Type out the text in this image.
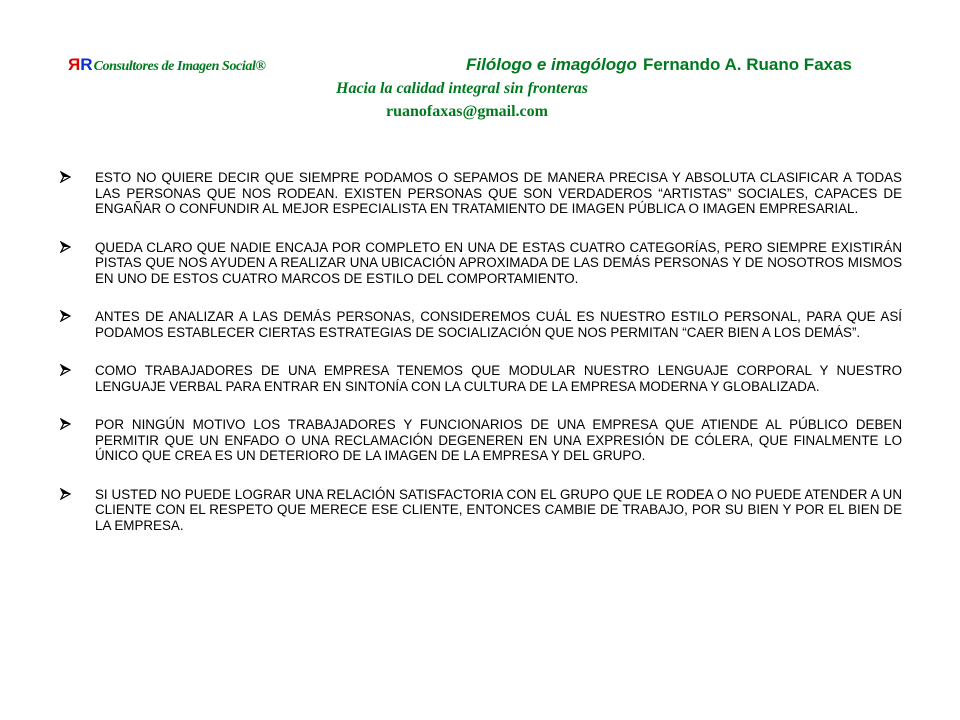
RR Consultores de Imagen Social®	Filólogo e imagólogo Fernando A. Ruano Faxas
Hacia la calidad integral sin fronteras
ruanofaxas@gmail.com
ESTO NO QUIERE DECIR QUE SIEMPRE PODAMOS O SEPAMOS DE MANERA PRECISA Y ABSOLUTA CLASIFICAR A TODAS LAS PERSONAS QUE NOS RODEAN. EXISTEN PERSONAS QUE SON VERDADEROS “ARTISTAS” SOCIALES, CAPACES DE ENGAÑAR O CONFUNDIR AL MEJOR ESPECIALISTA EN TRATAMIENTO DE IMAGEN PÚBLICA O IMAGEN EMPRESARIAL.
QUEDA CLARO QUE NADIE ENCAJA POR COMPLETO EN UNA DE ESTAS CUATRO CATEGORÍAS, PERO SIEMPRE EXISTIRÁN PISTAS QUE NOS AYUDEN A REALIZAR UNA UBICACIÓN APROXIMADA DE LAS DEMÁS PERSONAS Y DE NOSOTROS MISMOS EN UNO DE ESTOS CUATRO MARCOS DE ESTILO DEL COMPORTAMIENTO.
ANTES DE ANALIZAR A LAS DEMÁS PERSONAS, CONSIDEREMOS CUÁL ES NUESTRO ESTILO PERSONAL, PARA QUE ASÍ PODAMOS ESTABLECER CIERTAS ESTRATEGIAS DE SOCIALIZACIÓN QUE NOS PERMITAN “CAER BIEN A LOS DEMÁS”.
COMO TRABAJADORES DE UNA EMPRESA TENEMOS QUE MODULAR NUESTRO LENGUAJE CORPORAL Y NUESTRO LENGUAJE VERBAL PARA ENTRAR EN SINTONÍA CON LA CULTURA DE LA EMPRESA MODERNA Y GLOBALIZADA.
POR NINGÚN MOTIVO LOS TRABAJADORES Y FUNCIONARIOS DE UNA EMPRESA QUE ATIENDE AL PÚBLICO DEBEN PERMITIR QUE UN ENFADO O UNA RECLAMACIÓN DEGENEREN EN UNA EXPRESIÓN DE CÓLERA, QUE FINALMENTE LO ÚNICO QUE CREA ES UN DETERIORO DE LA IMAGEN DE LA EMPRESA Y DEL GRUPO.
SI USTED NO PUEDE LOGRAR UNA RELACIÓN SATISFACTORIA CON EL GRUPO QUE LE RODEA O NO PUEDE ATENDER A UN CLIENTE CON EL RESPETO QUE MERECE ESE CLIENTE, ENTONCES CAMBIE DE TRABAJO, POR SU BIEN Y POR EL BIEN DE LA EMPRESA.
